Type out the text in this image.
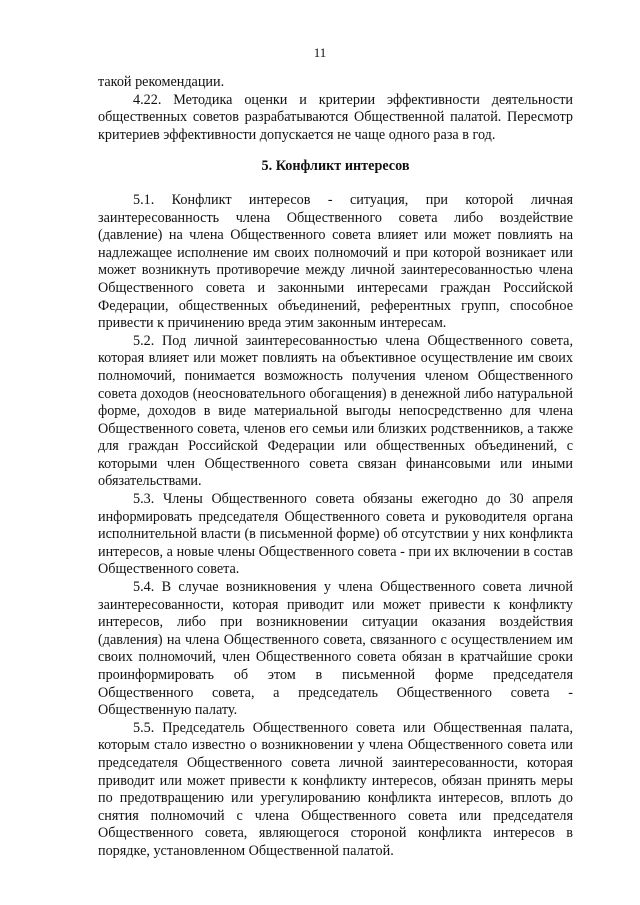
11

такой рекомендации.

4.22. Методика оценки и критерии эффективности деятельности общественных советов разрабатываются Общественной палатой. Пересмотр критериев эффективности допускается не чаще одного раза в год.

5. Конфликт интересов

5.1. Конфликт интересов - ситуация, при которой личная заинтересованность члена Общественного совета либо воздействие (давление) на члена Общественного совета влияет или может повлиять на надлежащее исполнение им своих полномочий и при которой возникает или может возникнуть противоречие между личной заинтересованностью члена Общественного совета и законными интересами граждан Российской Федерации, общественных объединений, референтных групп, способное привести к причинению вреда этим законным интересам.

5.2. Под личной заинтересованностью члена Общественного совета, которая влияет или может повлиять на объективное осуществление им своих полномочий, понимается возможность получения членом Общественного совета доходов (неосновательного обогащения) в денежной либо натуральной форме, доходов в виде материальной выгоды непосредственно для члена Общественного совета, членов его семьи или близких родственников, а также для граждан Российской Федерации или общественных объединений, с которыми член Общественного совета связан финансовыми или иными обязательствами.

5.3. Члены Общественного совета обязаны ежегодно до 30 апреля информировать председателя Общественного совета и руководителя органа исполнительной власти (в письменной форме) об отсутствии у них конфликта интересов, а новые члены Общественного совета - при их включении в состав Общественного совета.

5.4. В случае возникновения у члена Общественного совета личной заинтересованности, которая приводит или может привести к конфликту интересов, либо при возникновении ситуации оказания воздействия (давления) на члена Общественного совета, связанного с осуществлением им своих полномочий, член Общественного совета обязан в кратчайшие сроки проинформировать об этом в письменной форме председателя Общественного совета, а председатель Общественного совета - Общественную палату.

5.5. Председатель Общественного совета или Общественная палата, которым стало известно о возникновении у члена Общественного совета или председателя Общественного совета личной заинтересованности, которая приводит или может привести к конфликту интересов, обязан принять меры по предотвращению или урегулированию конфликта интересов, вплоть до снятия полномочий с члена Общественного совета или председателя Общественного совета, являющегося стороной конфликта интересов в порядке, установленном Общественной палатой.
